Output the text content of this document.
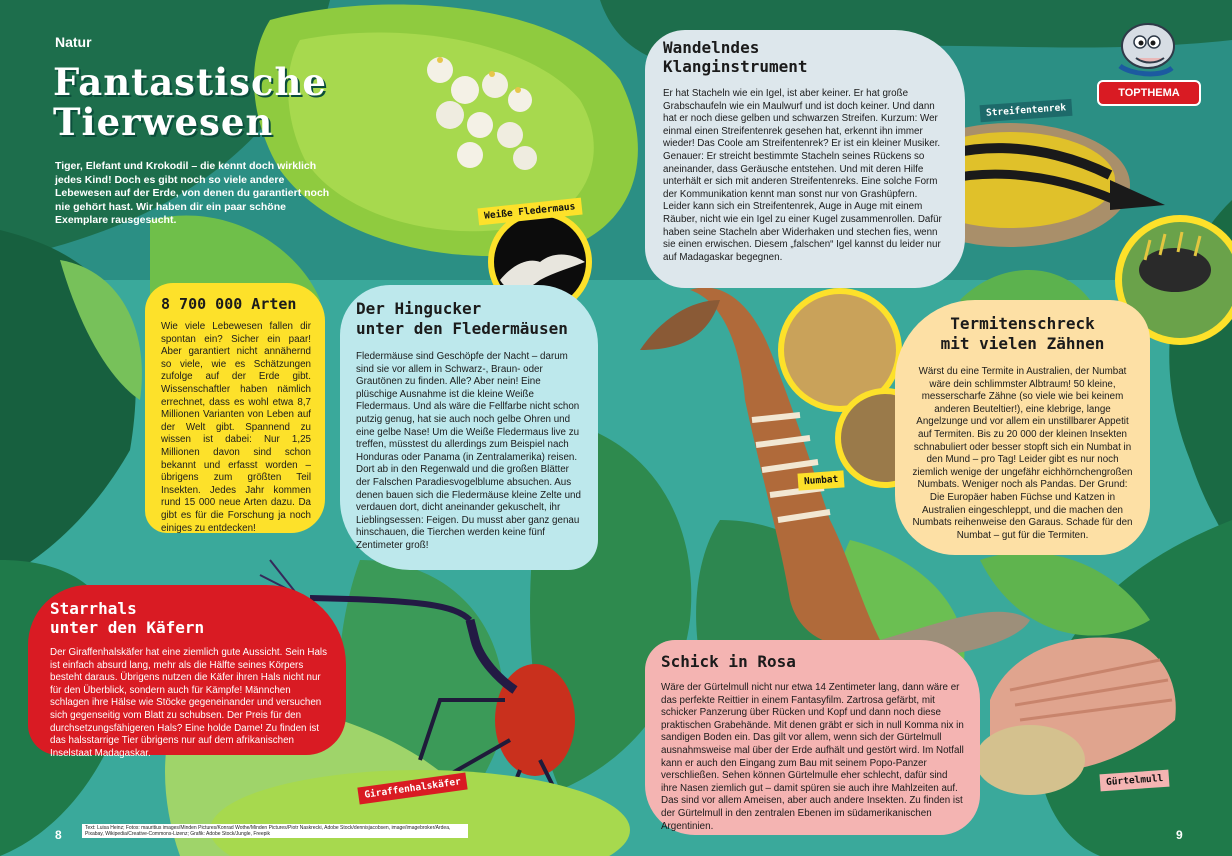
TOPTHEMA
Natur
Fantastische
Tierwesen

Tiger, Elefant und Krokodil – die kennt doch wirklich jedes Kind! Doch es gibt noch so viele andere Lebewesen auf der Erde, von denen du garantiert noch nie gehört hast. Wir haben dir ein paar schöne Exemplare rausgesucht.

8 700 000 Arten

Wie viele Lebewesen fallen dir spontan ein? Sicher ein paar! Aber garantiert nicht annähernd so viele, wie es Schätzungen zufolge auf der Erde gibt. Wissenschaftler haben nämlich errechnet, dass es wohl etwa 8,7 Millionen Varianten von Leben auf der Welt gibt. Spannend zu wissen ist dabei: Nur 1,25 Millionen davon sind schon bekannt und erfasst worden – übrigens zum größten Teil Insekten. Jedes Jahr kommen rund 15 000 neue Arten dazu. Da gibt es für die Forschung ja noch einiges zu entdecken!

Der Hingucker
unter den Fledermäusen

Fledermäuse sind Geschöpfe der Nacht – darum sind sie vor allem in Schwarz-, Braun- oder Grautönen zu finden. Alle? Aber nein! Eine plüschige Ausnahme ist die kleine Weiße Fledermaus. Und als wäre die Fellfarbe nicht schon putzig genug, hat sie auch noch gelbe Ohren und eine gelbe Nase! Um die Weiße Fledermaus live zu treffen, müsstest du allerdings zum Beispiel nach Honduras oder Panama (in Zentralamerika) reisen. Dort ab in den Regenwald und die großen Blätter der Falschen Paradiesvogelblume absuchen. Aus denen bauen sich die Fledermäuse kleine Zelte und verdauen dort, dicht aneinander gekuschelt, ihr Lieblingsessen: Feigen. Du musst aber ganz genau hinschauen, die Tierchen werden keine fünf Zentimeter groß!

Wandelndes
Klanginstrument

Er hat Stacheln wie ein Igel, ist aber keiner. Er hat große Grabschaufeln wie ein Maulwurf und ist doch keiner. Und dann hat er noch diese gelben und schwarzen Streifen. Kurzum: Wer einmal einen Streifentenrek gesehen hat, erkennt ihn immer wieder! Das Coole am Streifentenrek? Er ist ein kleiner Musiker. Genauer: Er streicht bestimmte Stacheln seines Rückens so aneinander, dass Geräusche entstehen. Und mit deren Hilfe unterhält er sich mit anderen Streifentenreks. Eine solche Form der Kommunikation kennt man sonst nur von Grashüpfern. Leider kann sich ein Streifentenrek, Auge in Auge mit einem Räuber, nicht wie ein Igel zu einer Kugel zusammenrollen. Dafür haben seine Stacheln aber Widerhaken und stechen fies, wenn sie einen erwischen. Diesem „falschen“ Igel kannst du leider nur auf Madagaskar begegnen.

Termitenschreck
mit vielen Zähnen

Wärst du eine Termite in Australien, der Numbat wäre dein schlimmster Albtraum! 50 kleine, messerscharfe Zähne (so viele wie bei keinem anderen Beuteltier!), eine klebrige, lange Angelzunge und vor allem ein unstillbarer Appetit auf Termiten. Bis zu 20 000 der kleinen Insekten schnabuliert oder besser stopft sich ein Numbat in den Mund – pro Tag! Leider gibt es nur noch ziemlich wenige der ungefähr eichhörnchengroßen Numbats. Weniger noch als Pandas. Der Grund: Die Europäer haben Füchse und Katzen in Australien eingeschleppt, und die machen den Numbats reihenweise den Garaus. Schade für den Numbat – gut für die Termiten.

Starrhals
unter den Käfern

Der Giraffenhalskäfer hat eine ziemlich gute Aussicht. Sein Hals ist einfach absurd lang, mehr als die Hälfte seines Körpers besteht daraus. Übrigens nutzen die Käfer ihren Hals nicht nur für den Überblick, sondern auch für Kämpfe! Männchen schlagen ihre Hälse wie Stöcke gegeneinander und versuchen sich gegenseitig vom Blatt zu schubsen. Der Preis für den durchsetzungsfähigeren Hals? Eine holde Dame! Zu finden ist das halsstarrige Tier übrigens nur auf dem afrikanischen Inselstaat Madagaskar.

Schick in Rosa

Wäre der Gürtelmull nicht nur etwa 14 Zentimeter lang, dann wäre er das perfekte Reittier in einem Fantasyfilm. Zartrosa gefärbt, mit schicker Panzerung über Rücken und Kopf und dann noch diese praktischen Grabehände. Mit denen gräbt er sich in null Komma nix in sandigen Boden ein. Das gilt vor allem, wenn sich der Gürtelmull ausnahmsweise mal über der Erde aufhält und gestört wird. Im Notfall kann er auch den Eingang zum Bau mit seinem Popo-Panzer verschließen. Sehen können Gürtelmulle eher schlecht, dafür sind ihre Nasen ziemlich gut – damit spüren sie auch ihre Mahlzeiten auf. Das sind vor allem Ameisen, aber auch andere Insekten. Zu finden ist der Gürtelmull in den zentralen Ebenen im südamerikanischen Argentinien.

Weiße Fledermaus
Streifentenrek
Numbat
Giraffenhalskäfer	Gürtelmull
8	9
Text: Luisa Heinz; Fotos: mauritius images/Minden Pictures/Konrad Wothe/Minden Pictures/Piotr Naskrecki, Adobe Stock/dennisjacobsen, image/imagebroker/Ardea, Pixabay, Wikipedia/Creative-Commons-Lizenz; Grafik: Adobe Stock/Jungle, Freepik
